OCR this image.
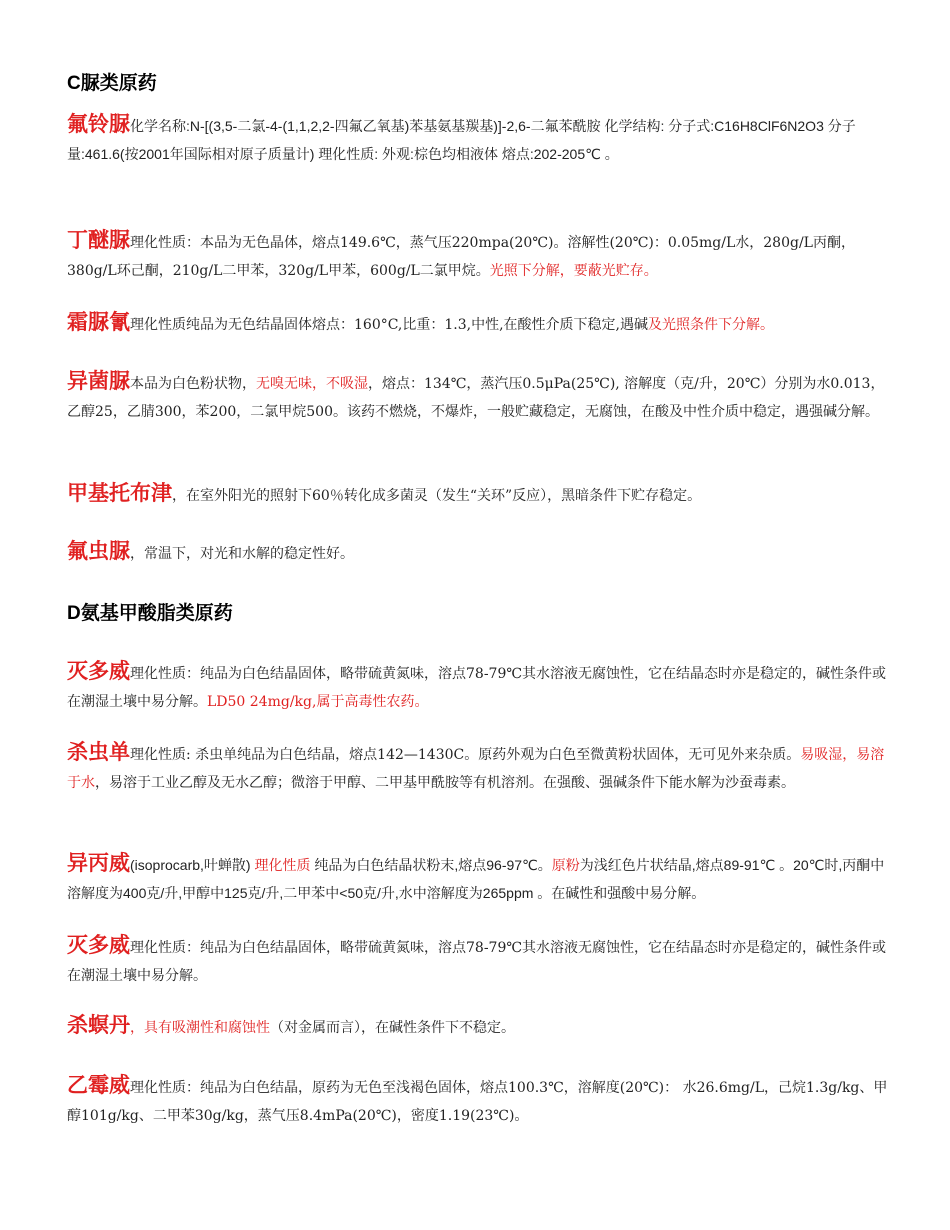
C脲类原药
氟铃脲化学名称:N-[(3,5-二氯-4-(1,1,2,2-四氟乙氧基)苯基氨基羰基)]-2,6-二氟苯酰胺 化学结构: 分子式:C16H8ClF6N2O3 分子量:461.6(按2001年国际相对原子质量计) 理化性质: 外观:棕色均相液体 熔点:202-205℃ 。
丁醚脲理化性质：本品为无色晶体，熔点149.6℃，蒸气压220mpa(20℃)。溶解性(20℃)：0.05mg/L水，280g/L丙酮，380g/L环己酮，210g/L二甲苯，320g/L甲苯，600g/L二氯甲烷。光照下分解，要蔽光贮存。
霜脲氰理化性质纯品为无色结晶固体熔点：160°C,比重：1.3,中性,在酸性介质下稳定,遇碱及光照条件下分解。
异菌脲本品为白色粉状物，无嗅无味，不吸湿，熔点：134℃，蒸汽压0.5μPa(25℃), 溶解度（克/升，20℃）分别为水0.013，乙醇25，乙腈300，苯200，二氯甲烷500。该药不燃烧，不爆炸，一般贮藏稳定，无腐蚀，在酸及中性介质中稳定，遇强碱分解。
甲基托布津，在室外阳光的照射下60％转化成多菌灵（发生“关环”反应），黑暗条件下贮存稳定。
氟虫脲，常温下，对光和水解的稳定性好。
D氨基甲酸脂类原药
灭多威理化性质：纯品为白色结晶固体，略带硫黄氮味，溶点78-79℃其水溶液无腐蚀性，它在结晶态时亦是稳定的，碱性条件或在潮湿土壤中易分解。LD50 24mg/kg,属于高毒性农药。
杀虫单理化性质: 杀虫单纯品为白色结晶，熔点142—1430C。原药外观为白色至微黄粉状固体，无可见外来杂质。易吸湿，易溶于水，易溶于工业乙醇及无水乙醇；微溶于甲醇、二甲基甲酰胺等有机溶剂。在强酸、强碱条件下能水解为沙蚕毒素。
异丙威(isoprocarb,叶蝉散) 理化性质 纯品为白色结晶状粉末,熔点96-97℃。原粉为浅红色片状结晶,熔点89-91℃ 。20℃时,丙酮中溶解度为400克/升,甲醇中125克/升,二甲苯中<50克/升,水中溶解度为265ppm 。在碱性和强酸中易分解。
灭多威理化性质：纯品为白色结晶固体，略带硫黄氮味，溶点78-79℃其水溶液无腐蚀性，它在结晶态时亦是稳定的，碱性条件或在潮湿土壤中易分解。
杀螟丹，具有吸潮性和腐蚀性（对金属而言），在碱性条件下不稳定。
乙霉威理化性质：纯品为白色结晶，原药为无色至浅褐色固体，熔点100.3℃，溶解度(20℃)： 水26.6mg/L，己烷1.3g/kg、甲醇101g/kg、二甲苯30g/kg，蒸气压8.4mPa(20℃)，密度1.19(23℃)。
